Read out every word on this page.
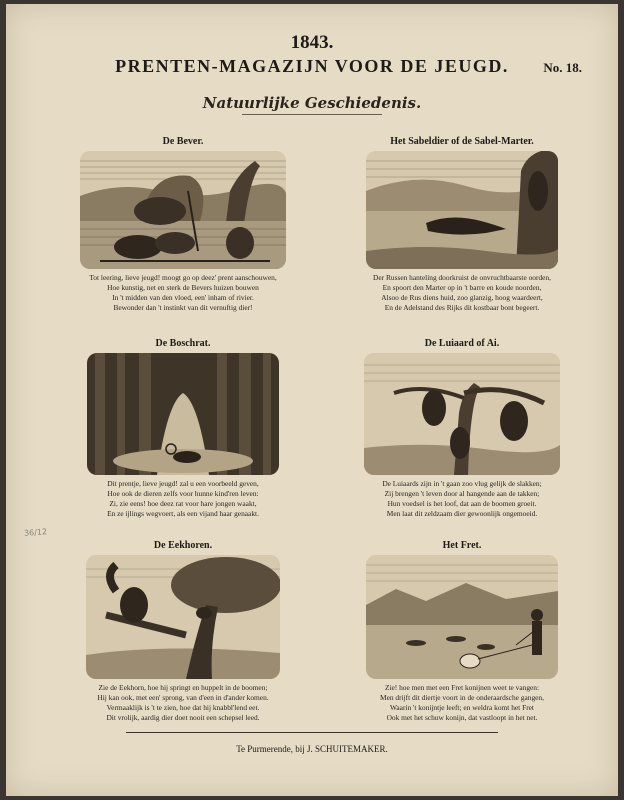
1843.
PRENTEN-MAGAZIJN VOOR DE JEUGD.	No. 18.
Natuurlijke Geschiedenis.
36/12
De Bever.
Tot leering, lieve jeugd! moogt go op deez' prent aanschouwen,
Hoe kunstig, net en sterk de Bevers huizen bouwen
In 't midden van den vloed, een' inham of rivier.
Bewonder dan 't instinkt van dit vernuftig dier!
Het Sabeldier of de Sabel-Marter.
Der Russen hanteling doorkruist de onvruchtbaarste oorden,
En spoort den Marter op in 't barre en koude noorden,
Alsoo de Rus diens huid, zoo glanzig, hoog waardeert,
En de Adelstand des Rijks dit kostbaar bont begeert.
De Boschrat.
Dit prentje, lieve jeugd! zal u een voorbeeld geven,
Hoe ook de dieren zelfs voor hunne kind'ren leven:
Zi, zie eens! hoe deez rat voor hare jongen waakt,
En ze ijlings wegvoert, als een vijand haar genaakt.
De Luiaard of Ai.
De Luiaards zijn in 't gaan zoo vlug gelijk de slakken;
Zij brengen 't leven door al hangende aan de takken;
Hun voedsel is het loof, dat aan de boomen groeit.
Men laat dit zeldzaam dier gewoonlijk ongemoeid.
De Eekhoren.
Zie de Eekhorn, hoe hij springt en huppelt in de boomen;
Hij kan ook, met een' sprong, van d'een in d'ander komen.
Vermaaklijk is 't te zien, hoe dat hij knabbl'lend eet.
Dit vrolijk, aardig dier doet nooit een schepsel leed.
Het Fret.
Zie! hoe men met een Fret konijnen weet te vangen:
Men drijft dit diertje voort in de onderaardsche gangen,
Waarin 't konijntje leeft; en weldra komt het Fret
Ook met het schuw konijn, dat vastloopt in het net.
Te Purmerende, bij J. SCHUITEMAKER.
